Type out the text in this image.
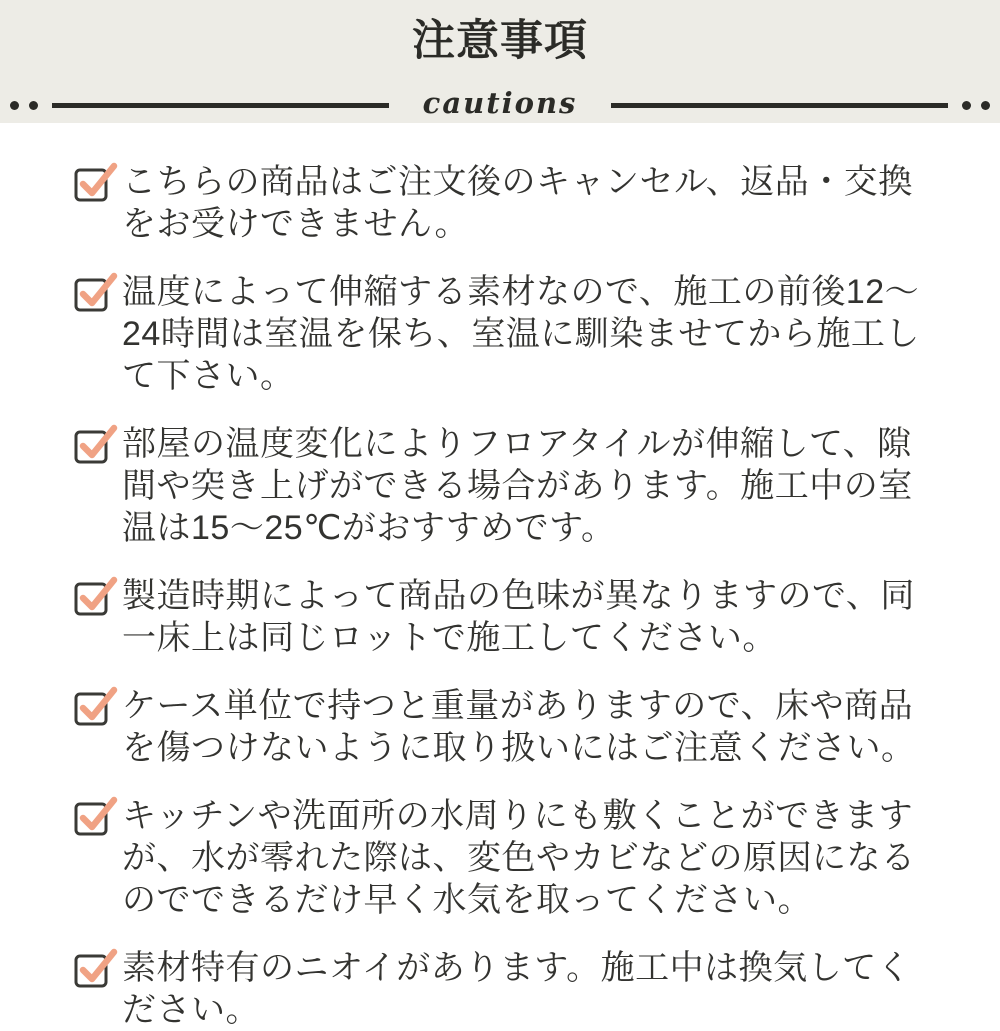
注意事項
cautions

こちらの商品はご注文後のキャンセル、返品・交換をお受けできません。

温度によって伸縮する素材なので、施工の前後12〜24時間は室温を保ち、室温に馴染ませてから施工して下さい。

部屋の温度変化によりフロアタイルが伸縮して、隙間や突き上げができる場合があります。施工中の室温は15〜25℃がおすすめです。

製造時期によって商品の色味が異なりますので、同一床上は同じロットで施工してください。

ケース単位で持つと重量がありますので、床や商品を傷つけないように取り扱いにはご注意ください。

キッチンや洗面所の水周りにも敷くことができますが、水が零れた際は、変色やカビなどの原因になるのでできるだけ早く水気を取ってください。

素材特有のニオイがあります。施工中は換気してください。
